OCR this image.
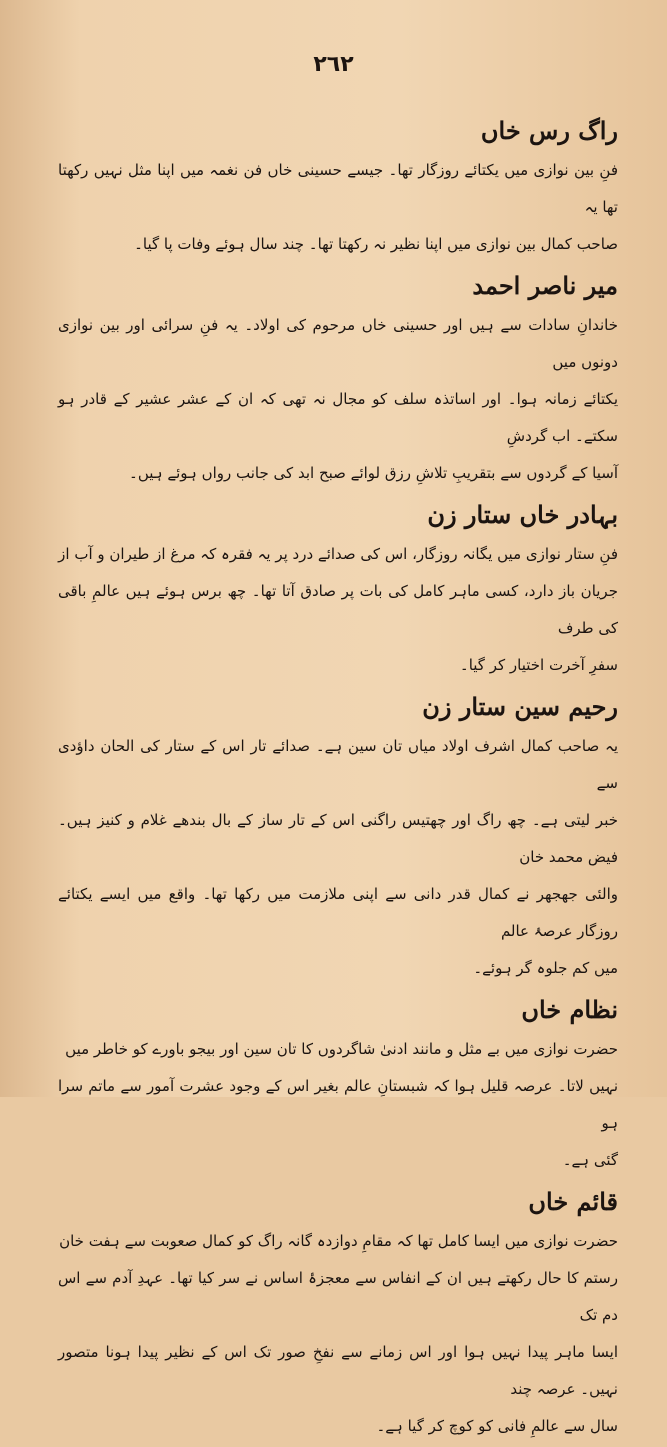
٢٦٢
راگ رس خاں

فنِ بین نوازی میں یکتائے روزگار تھا۔ جیسے حسینی خاں فن نغمہ میں اپنا مثل نہیں رکھتا تھا یہ
صاحب کمال بین نوازی میں اپنا نظیر نہ رکھتا تھا۔ چند سال ہوئے وفات پا گیا۔

میر ناصر احمد

خاندانِ سادات سے ہیں اور حسینی خاں مرحوم کی اولاد۔ یہ فنِ سرائی اور بین نوازی دونوں میں
یکتائے زمانہ ہوا۔ اور اساتذہ سلف کو مجال نہ تھی کہ ان کے عشر عشیر کے قادر ہو سکتے۔ اب گردشِ
آسیا کے گردوں سے بتقریبِ تلاشِ رزق لوائے صبح ابد کی جانب رواں ہوئے ہیں۔

بہادر خاں ستار زن

فنِ ستار نوازی میں یگانہ روزگار، اس کی صدائے درد پر یہ فقرہ کہ مرغ از طیران و آب از
جریان باز دارد، کسی ماہر کامل کی بات پر صادق آتا تھا۔ چھ برس ہوئے ہیں عالمِ باقی کی طرف
سفرِ آخرت اختیار کر گیا۔

رحیم سین ستار زن

یہ صاحب کمال اشرف اولاد میاں تان سین ہے۔ صدائے تار اس کے ستار کی الحان داؤدی سے
خبر لیتی ہے۔ چھ راگ اور چھتیس راگنی اس کے تار ساز کے بال بندھے غلام و کنیز ہیں۔ فیض محمد خان
والئی جھجھر نے کمال قدر دانی سے اپنی ملازمت میں رکھا تھا۔ واقع میں ایسے یکتائے روزگار عرصۂ عالم
میں کم جلوہ گر ہوئے۔

نظام خاں

حضرت نوازی میں بے مثل و مانند ادنیٰ شاگردوں کا تان سین اور بیجو باورے کو خاطر میں
نہیں لاتا۔ عرصہ قلیل ہوا کہ شبستانِ عالم بغیر اس کے وجود عشرت آمور سے ماتم سرا ہو
گئی ہے۔

قائم خاں

حضرت نوازی میں ایسا کامل تھا کہ مقامِ دوازدہ گانہ راگ کو کمال صعوبت سے ہفت خان
رستم کا حال رکھتے ہیں ان کے انفاس سے معجزۂ اساس نے سر کیا تھا۔ عہدِ آدم سے اس دم تک
ایسا ماہر پیدا نہیں ہوا اور اس زمانے سے نفخِ صور تک اس کے نظیر پیدا ہونا متصور نہیں۔ عرصہ چند
سال سے عالمِ فانی کو کوچ کر گیا ہے۔
